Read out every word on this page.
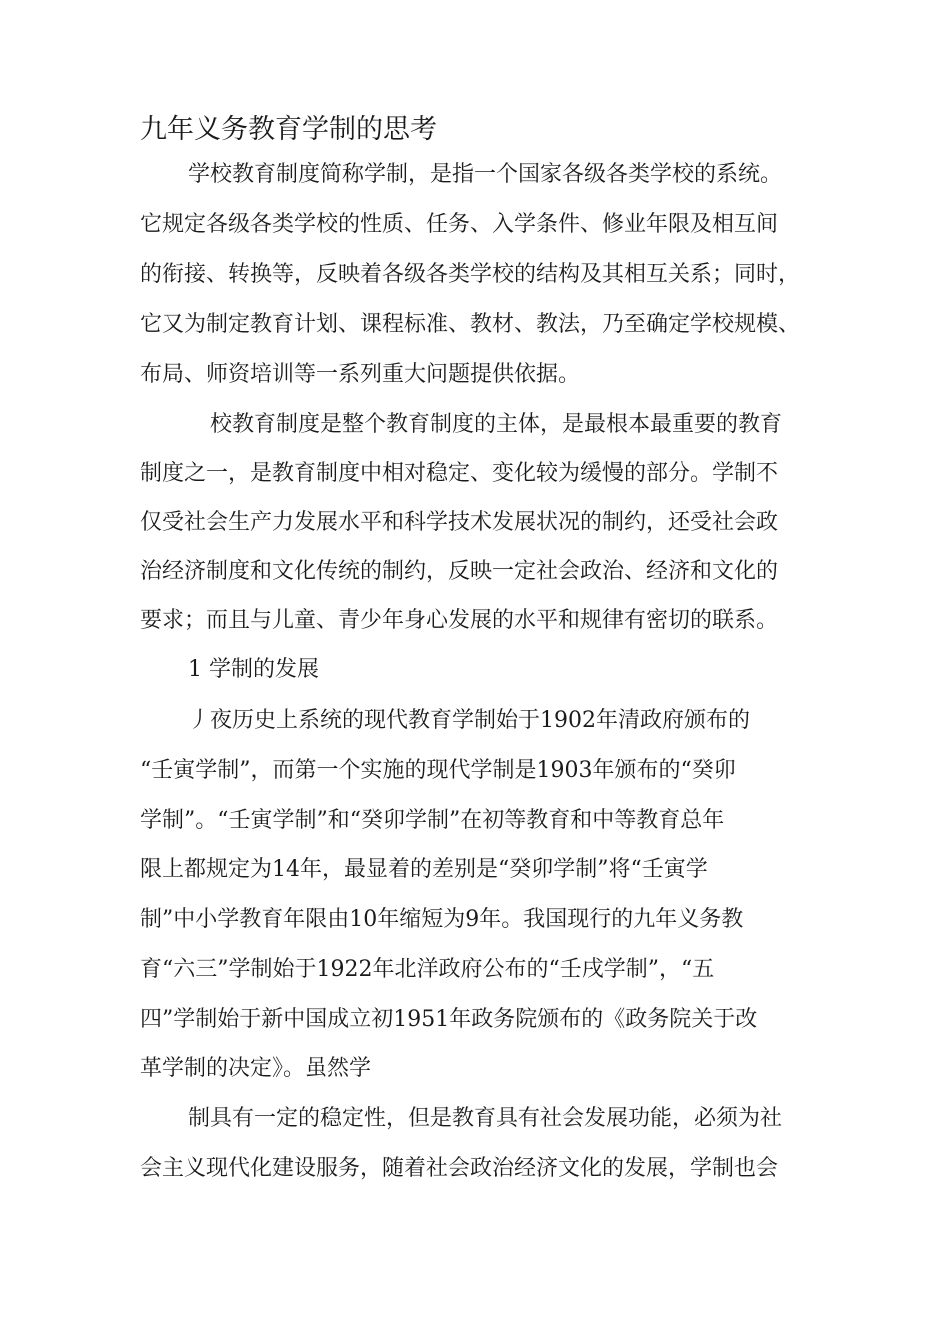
九年义务教育学制的思考
学校教育制度简称学制，是指一个国家各级各类学校的系统。
它规定各级各类学校的性质、任务、入学条件、修业年限及相互间
的衔接、转换等，反映着各级各类学校的结构及其相互关系；同时，
它又为制定教育计划、课程标准、教材、教法，乃至确定学校规模、
布局、师资培训等一系列重大问题提供依据。
校教育制度是整个教育制度的主体，是最根本最重要的教育
制度之一，是教育制度中相对稳定、变化较为缓慢的部分。学制不
仅受社会生产力发展水平和科学技术发展状况的制约，还受社会政
治经济制度和文化传统的制约，反映一定社会政治、经济和文化的
要求；而且与儿童、青少年身心发展的水平和规律有密切的联系。
1 学制的发展
丿夜历史上系统的现代教育学制始于1902年清政府颁布的
“壬寅学制”，而第一个实施的现代学制是1903年颁布的“癸卯
学制”。“壬寅学制”和“癸卯学制”在初等教育和中等教育总年
限上都规定为14年，最显着的差别是“癸卯学制”将“壬寅学
制”中小学教育年限由10年缩短为9年。我国现行的九年义务教
育“六三”学制始于1922年北洋政府公布的“壬戌学制”，“五
四”学制始于新中国成立初1951年政务院颁布的《政务院关于改
革学制的决定》。虽然学
制具有一定的稳定性，但是教育具有社会发展功能，必须为社
会主义现代化建设服务，随着社会政治经济文化的发展，学制也会
